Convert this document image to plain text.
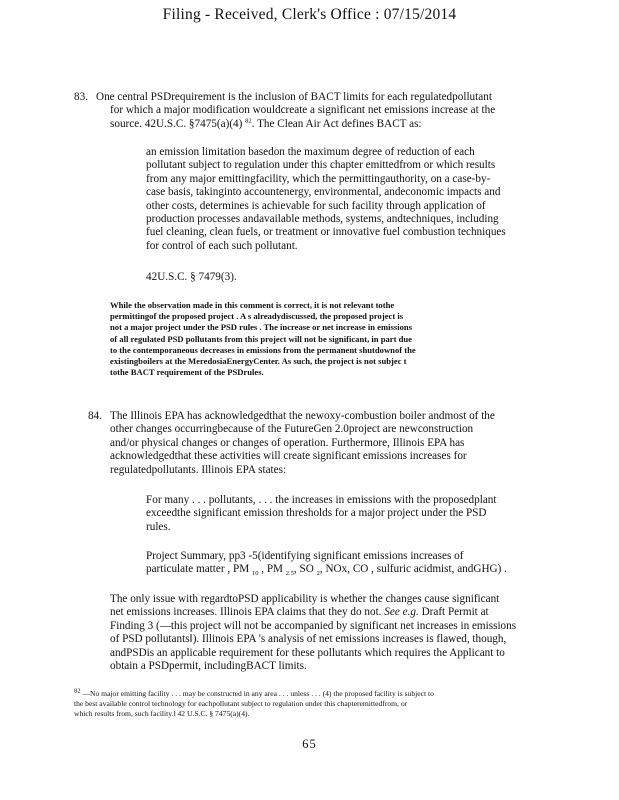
Filing - Received, Clerk's Office : 07/15/2014
83. One central PSDrequirement is the inclusion of BACT limits for each regulatedpollutant
for which a major modification wouldcreate a significant net emissions increase at the
source. 42U.S.C. §7475(a)(4) $^{82}$. The Clean Air Act defines BACT as:
an emission limitation basedon the maximum degree of reduction of each
pollutant subject to regulation under this chapter emittedfrom or which results
from any major emittingfacility, which the permittingauthority, on a case-by-
case basis, takinginto accountenergy, environmental, andeconomic impacts and
other costs, determines is achievable for such facility through application of
production processes andavailable methods, systems, andtechniques, including
fuel cleaning, clean fuels, or treatment or innovative fuel combustion techniques
for control of each such pollutant.
42U.S.C. § 7479(3).
While the observation made in this comment is correct, it is not relevant tothe
permittingof the proposed project . A s alreadydiscussed, the proposed project is
not a major project under the PSD rules . The increase or net increase in emissions
of all regulated PSD pollutants from this project will not be significant, in part due
to the contemporaneous decreases in emissions from the permanent shutdownof the
existingboilers at the MeredosiaEnergyCenter. As such, the project is not subjec t
tothe BACT requirement of the PSDrules.
84. The Illinois EPA has acknowledgedthat the newoxy-combustion boiler andmost of the
other changes occurringbecause of the FutureGen 2.0project are newconstruction
and/or physical changes or changes of operation. Furthermore, Illinois EPA has
acknowledgedthat these activities will create significant emissions increases for
regulatedpollutants. Illinois EPA states:
For many . . . pollutants, . . . the increases in emissions with the proposedplant
exceedthe significant emission thresholds for a major project under the PSD
rules.
Project Summary, pp3 -5(identifying significant emissions increases of
particulate matter , PM $_{10}$ , PM $_{2.5}$, SO $_2$, NOx, CO , sulfuric acidmist, andGHG) .
The only issue with regardtoPSD applicability is whether the changes cause significant
net emissions increases. Illinois EPA claims that they do not. See e.g. Draft Permit at
Finding 3 (—this project will not be accompanied by significant net increases in emissions
of PSD pollutants‖). Illinois EPA 's analysis of net emissions increases is flawed, though,
andPSDis an applicable requirement for these pollutants which requires the Applicant to
obtain a PSDpermit, includingBACT limits.
$^{82}$ —No major emitting facility . . . may be constructed in any area . . . unless . . . (4) the proposed facility is subject to
the best available control technology for eachpollutant subject to regulation under this chapteremittedfrom, or
which results from, such facility.‖ 42 U.S.C. § 7475(a)(4).
65
